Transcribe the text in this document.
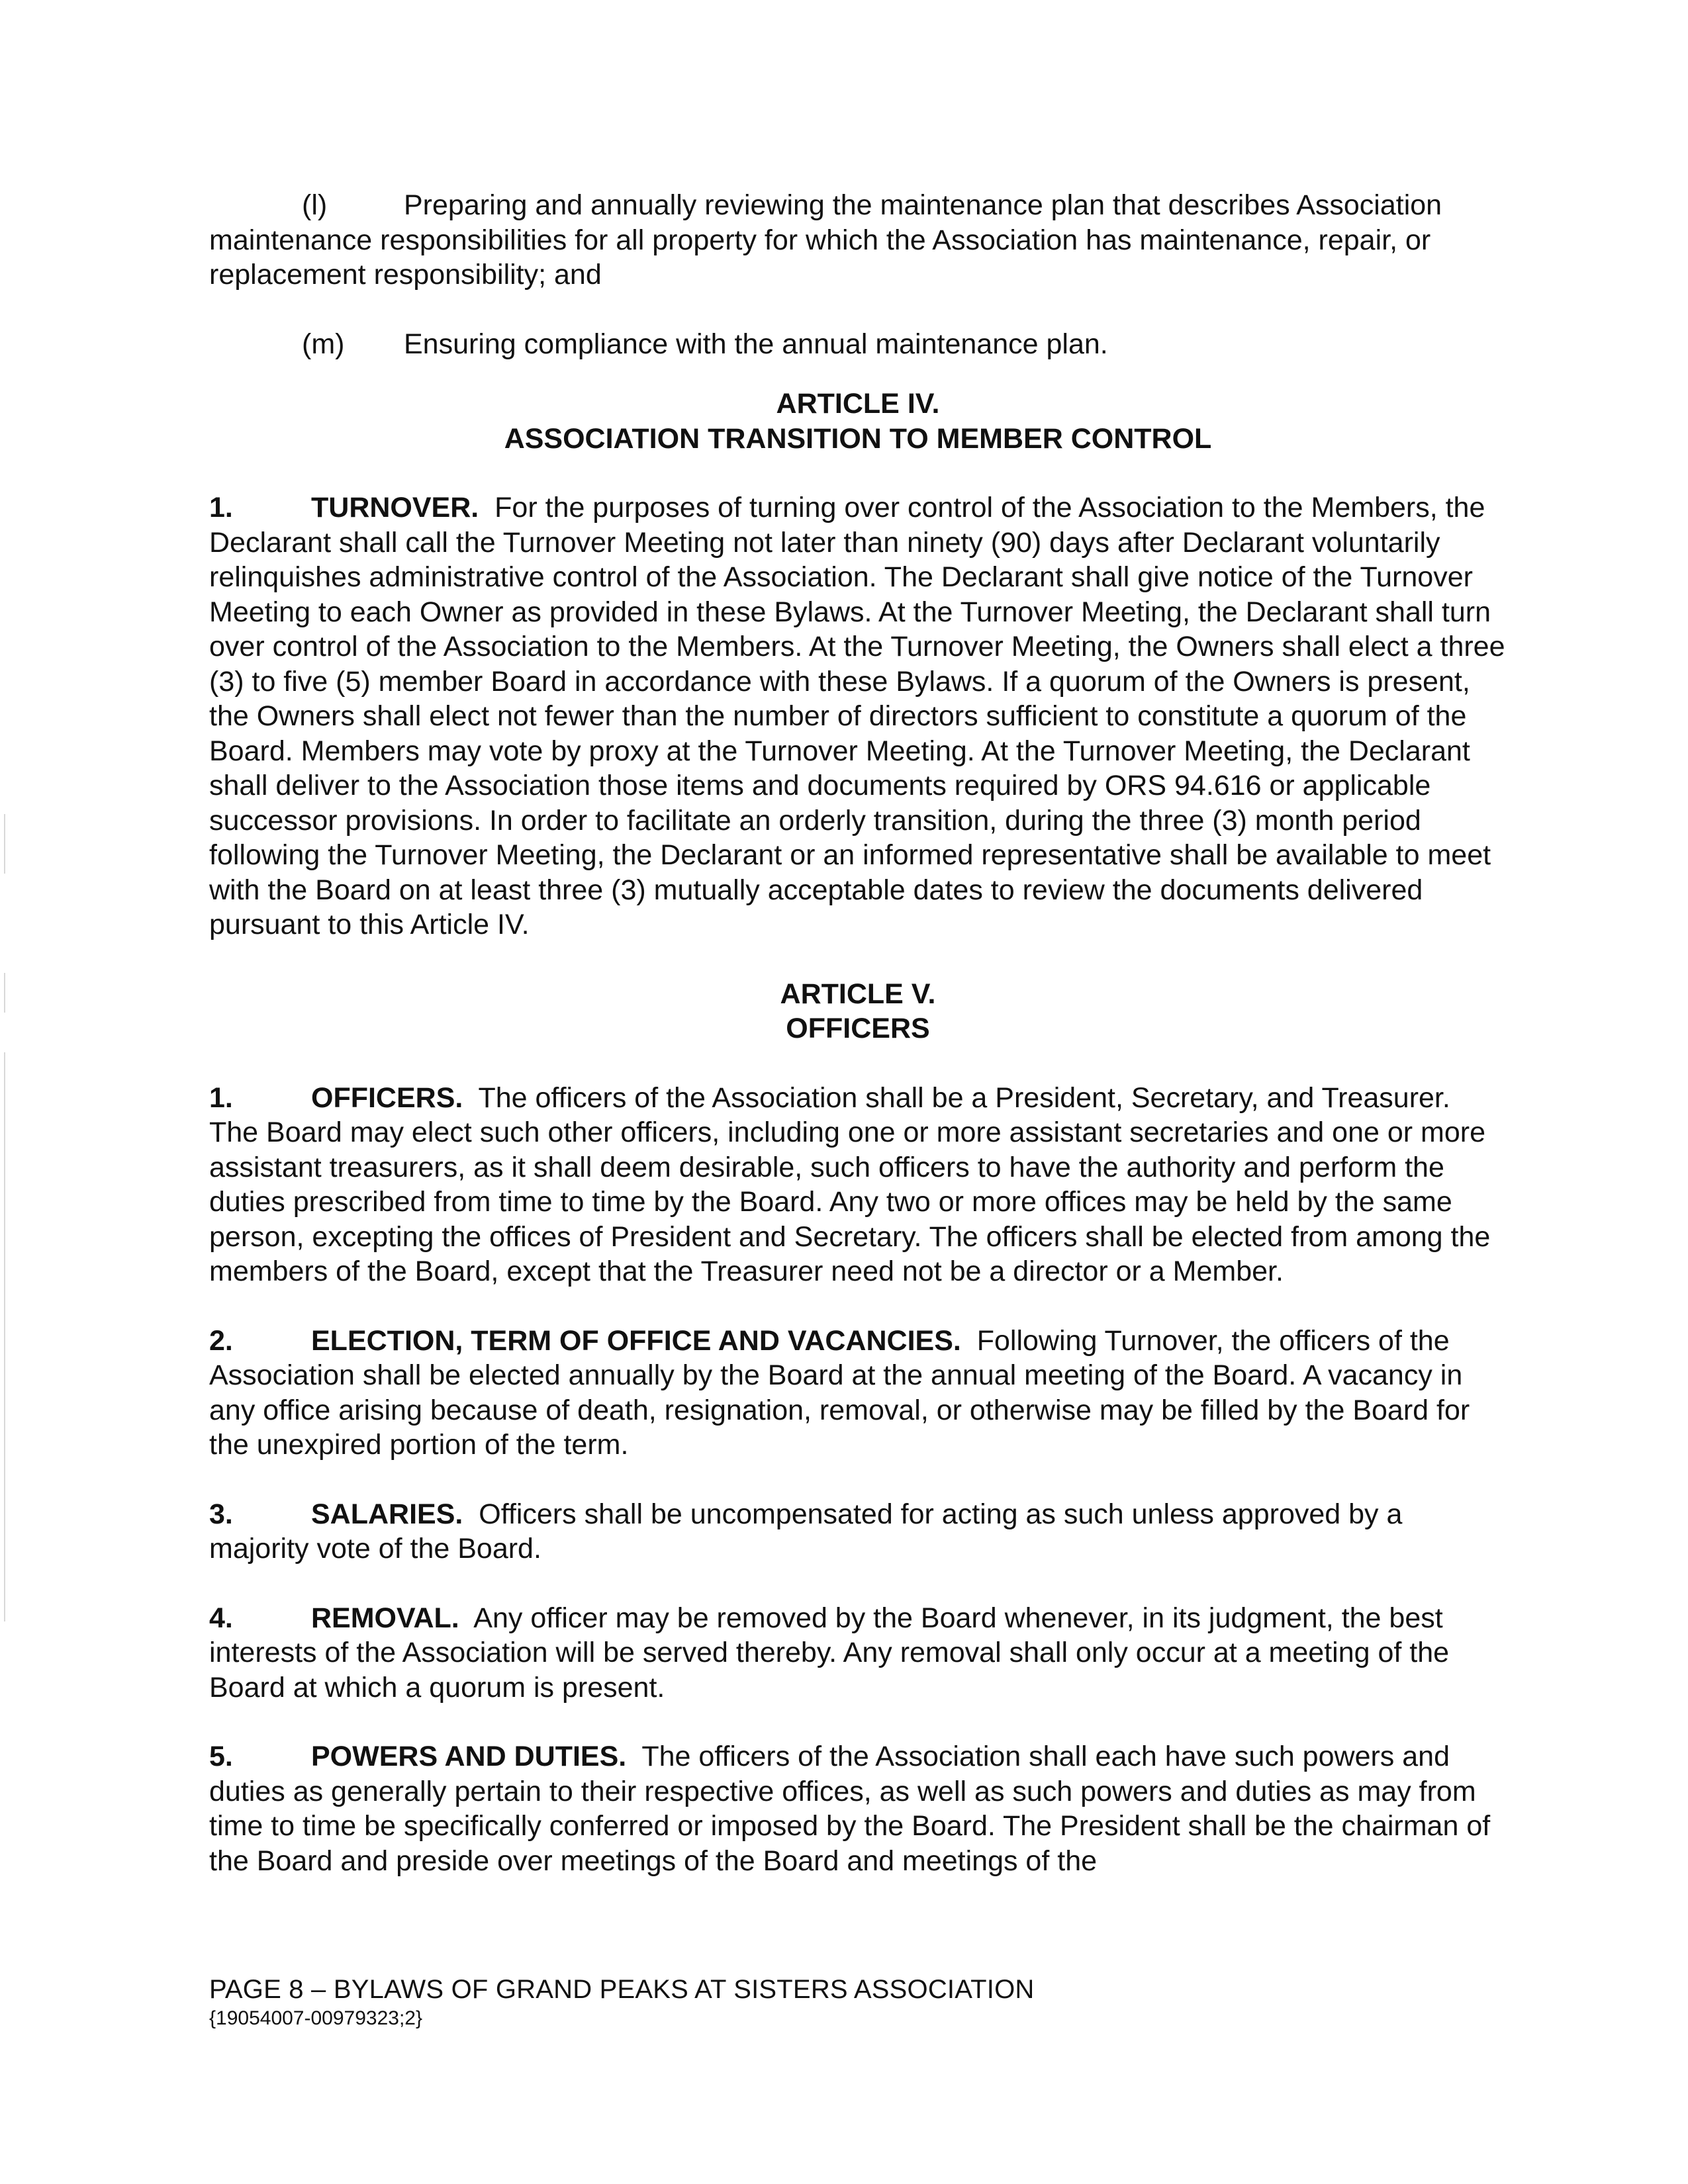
(l)	Preparing and annually reviewing the maintenance plan that describes Association maintenance responsibilities for all property for which the Association has maintenance, repair, or replacement responsibility; and

(m) Ensuring compliance with the annual maintenance plan.

ARTICLE IV.
ASSOCIATION TRANSITION TO MEMBER CONTROL

1.	TURNOVER. For the purposes of turning over control of the Association to the Members, the Declarant shall call the Turnover Meeting not later than ninety (90) days after Declarant voluntarily relinquishes administrative control of the Association. The Declarant shall give notice of the Turnover Meeting to each Owner as provided in these Bylaws. At the Turnover Meeting, the Declarant shall turn over control of the Association to the Members. At the Turnover Meeting, the Owners shall elect a three (3) to five (5) member Board in accordance with these Bylaws. If a quorum of the Owners is present, the Owners shall elect not fewer than the number of directors sufficient to constitute a quorum of the Board. Members may vote by proxy at the Turnover Meeting. At the Turnover Meeting, the Declarant shall deliver to the Association those items and documents required by ORS 94.616 or applicable successor provisions. In order to facilitate an orderly transition, during the three (3) month period following the Turnover Meeting, the Declarant or an informed representative shall be available to meet with the Board on at least three (3) mutually acceptable dates to review the documents delivered pursuant to this Article IV.

ARTICLE V.
OFFICERS

1.	OFFICERS. The officers of the Association shall be a President, Secretary, and Treasurer. The Board may elect such other officers, including one or more assistant secretaries and one or more assistant treasurers, as it shall deem desirable, such officers to have the authority and perform the duties prescribed from time to time by the Board. Any two or more offices may be held by the same person, excepting the offices of President and Secretary. The officers shall be elected from among the members of the Board, except that the Treasurer need not be a director or a Member.

2.	ELECTION, TERM OF OFFICE AND VACANCIES. Following Turnover, the officers of the Association shall be elected annually by the Board at the annual meeting of the Board. A vacancy in any office arising because of death, resignation, removal, or otherwise may be filled by the Board for the unexpired portion of the term.

3.	SALARIES. Officers shall be uncompensated for acting as such unless approved by a majority vote of the Board.

4.	REMOVAL. Any officer may be removed by the Board whenever, in its judgment, the best interests of the Association will be served thereby. Any removal shall only occur at a meeting of the Board at which a quorum is present.

5.	POWERS AND DUTIES. The officers of the Association shall each have such powers and duties as generally pertain to their respective offices, as well as such powers and duties as may from time to time be specifically conferred or imposed by the Board. The President shall be the chairman of the Board and preside over meetings of the Board and meetings of the

PAGE 8 – BYLAWS OF GRAND PEAKS AT SISTERS ASSOCIATION
{19054007-00979323;2}
